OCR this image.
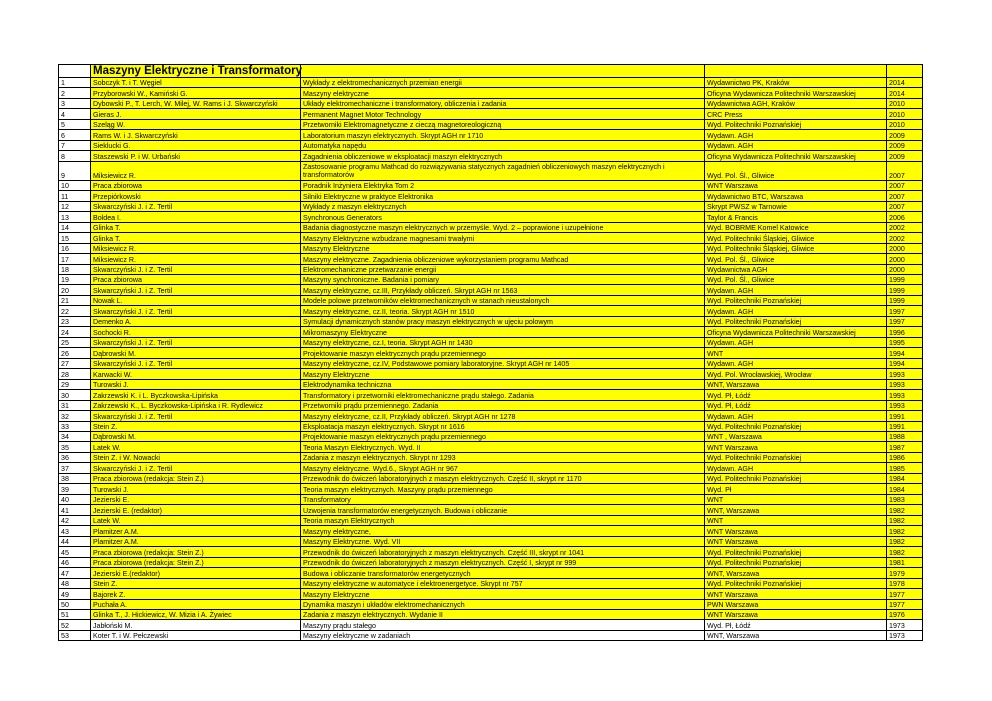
	Maszyny Elektryczne i Transformatory			
1	Sobczyk T. i T. Węgiel	Wykłady z elektromechanicznych przemian energii	Wydawnictwo PK, Kraków	2014
2	Przyborowski W., Kamiński G.	Maszyny elektryczne	Oficyna Wydawnicza Politechniki Warszawskiej	2014
3	Dybowski P., T. Lerch, W. Milej, W. Rams i J. Skwarczyński	Układy elektromechaniczne i transformatory, obliczenia i zadania	Wydawnictwa AGH, Kraków	2010
4	Gieras J.	Permanent Magnet Motor Technology	CRC Press	2010
5	Szeląg W.	Przetworniki Elektromagnetyczne z cieczą magnetoreologiczną	Wyd. Politechniki Poznańskiej	2010
6	Rams W. i J. Skwarczyński	Laboratorium maszyn elektrycznych. Skrypt AGH nr 1710	Wydawn. AGH	2009
7	Sieklucki G.	Automatyka napędu	Wydawn. AGH	2009
8	Staszewski P. i W. Urbański	Zagadnienia obliczeniowe w eksploatacji maszyn elektrycznych	Oficyna Wydawnicza Politechniki Warszawskiej	2009
9	Miksiewicz R.	Zastosowanie programu Mathcad do rozwiązywania statycznych zagadnień obliczeniowych maszyn elektrycznych i transformatorów	Wyd. Pol. Śl., Gliwice	2007
10	Praca zbiorowa	Poradnik Inżyniera Elektryka Tom 2	WNT Warszawa	2007
11	Przepiórkowski	Silniki Elektryczne w praktyce Elektronika	Wydawnictwo BTC, Warszawa	2007
12	Skwarczyński J. i Z. Tertil	Wykłady z maszyn elektrycznych	Skrypt PWSZ w Tarnowie	2007
13	Boldea I.	Synchronous Generators	Taylor & Francis	2006
14	Glinka T.	Badania diagnostyczne maszyn elektrycznych w przemyśle. Wyd. 2 – poprawione i uzupełnione	Wyd. BOBRME Komel Katowice	2002
15	Glinka T.	Maszyny Elektryczne wzbudzane magnesami trwałymi	Wyd. Politechniki Śląskiej, Gliwice	2002
16	Miksiewicz R.	Maszyny Elektryczne	Wyd. Politechniki Śląskiej, Gliwice	2000
17	Miksiewicz R.	Maszyny elektryczne. Zagadnienia obliczeniowe wykorzystaniem programu Mathcad	Wyd. Pol. Śl., Gliwice	2000
18	Skwarczyński J. i Z. Tertil	Elektromechaniczne przetwarzanie energii	Wydawnictwa AGH	2000
19	Praca zbiorowa	Maszyny synchroniczne. Badania i pomiary	Wyd. Pol. Śl., Gliwice	1999
20	Skwarczyński J. i Z. Tertil	Maszyny elektryczne, cz.III, Przykłady obliczeń. Skrypt AGH nr 1563	Wydawn. AGH	1999
21	Nowak L.	Modele polowe przetworników elektromechanicznych w stanach nieustalonych	Wyd. Politechniki Poznańskiej	1999
22	Skwarczyński J. i Z. Tertil	Maszyny elektryczne, cz.II, teoria. Skrypt AGH nr 1510	Wydawn. AGH	1997
23	Demenko A.	Symulacji dynamicznych stanów pracy maszyn elektrycznych w ujęciu polowym	Wyd. Politechniki Poznańskiej	1997
24	Sochocki R.	Mikromaszyny Elektryczne	Oficyna Wydawnicza Politechniki Warszawskiej	1996
25	Skwarczyński J. i Z. Tertil	Maszyny elektryczne, cz.I, teoria. Skrypt AGH nr 1430	Wydawn. AGH	1995
26	Dąbrowski M.	Projektowanie maszyn elektrycznych prądu przemiennego	WNT	1994
27	Skwarczyński J. i Z. Tertil	Maszyny elektryczne, cz.IV, Podstawowe pomiary laboratoryjne. Skrypt AGH nr 1405	Wydawn. AGH	1994
28	Karwacki W.	Maszyny Elektryczne	Wyd. Pol. Wrocławskiej, Wrocław	1993
29	Turowski J.	Elektrodynamika techniczna	WNT, Warszawa	1993
30	Zakrzewski K. i L. Byczkowska-Lipińska	Transformatory i przetworniki elektromechaniczne prądu stałego. Zadania	Wyd. Pł, Łódź	1993
31	Zakrzewski K., L. Byczkowska-Lipińska i R. Rydlewicz	Przetworniki prądu przemiennego. Zadania	Wyd. Pł, Łódź	1993
32	Skwarczyński J. i Z. Tertil	Maszyny elektryczne, cz.II, Przykłady obliczeń. Skrypt AGH nr 1278	Wydawn. AGH	1991
33	Stein Z.	Eksploatacja maszyn elektrycznych. Skrypt nr 1616	Wyd. Politechniki Poznańskiej	1991
34	Dąbrowski M.	Projektowanie maszyn elektrycznych prądu przemiennego	WNT , Warszawa	1988
35	Latek W.	Teoria Maszyn Elektrycznych. Wyd. II	WNT Warszawa	1987
36	Stein Z. i W. Nowacki	Zadania z maszyn elektrycznych. Skrypt nr 1293	Wyd. Politechniki Poznańskiej	1986
37	Skwarczyński J. i Z. Tertil	Maszyny elektryczne. Wyd.6., Skrypt AGH nr 967	Wydawn. AGH	1985
38	Praca zbiorowa (redakcja: Stein Z.)	Przewodnik do ćwiczeń laboratoryjnych z maszyn elektrycznych. Część II, skrypt nr 1170	Wyd. Politechniki Poznańskiej	1984
39	Turowski J.	Teoria maszyn elektrycznych. Maszyny prądu przemiennego	Wyd. Pł	1984
40	Jezierski E.	Transformatory	WNT	1983
41	Jezierski E. (redaktor)	Uzwojenia transformatorów energetycznych. Budowa i obliczanie	WNT, Warszawa	1982
42	Latek W.	Teoria maszyn Elektrycznych	WNT	1982
43	Plamitzer A.M.	Maszyny elektryczne,	WNT Warszawa	1982
44	Plamitzer A.M.	Maszyny Elektryczne. Wyd. VII	WNT Warszawa	1982
45	Praca zbiorowa (redakcja: Stein Z.)	Przewodnik do ćwiczeń laboratoryjnych z maszyn elektrycznych. Część III, skrypt nr 1041	Wyd. Politechniki Poznańskiej	1982
46	Praca zbiorowa (redakcja: Stein Z.)	Przewodnik do ćwiczeń laboratoryjnych z maszyn elektrycznych. Część I, skrypt nr 999	Wyd. Politechniki Poznańskiej	1981
47	Jezierski E.(redaktor)	Budowa i obliczanie transformatorów energetycznych	WNT, Warszawa	1979
48	Stein Z.	Maszyny elektryczne w automatyce i elektroenergetyce. Skrypt nr 757	Wyd. Politechniki Poznańskiej	1978
49	Bajorek Z.	Maszyny Elektryczne	WNT Warszawa	1977
50	Puchała A.	Dynamika maszyn i układów elektromechanicznych	PWN Warszawa	1977
51	Glinka T., J. Hickiewicz, W. Mizia i A. Żywiec	Zadania z maszyn elektrycznych. Wydanie II	WNT Warszawa	1976
52	Jabłoński M.	Maszyny prądu stałego	Wyd. Pł, Łódź	1973
53	Koter T. i W. Pełczewski	Maszyny elektryczne w zadaniach	WNT, Warszawa	1973
